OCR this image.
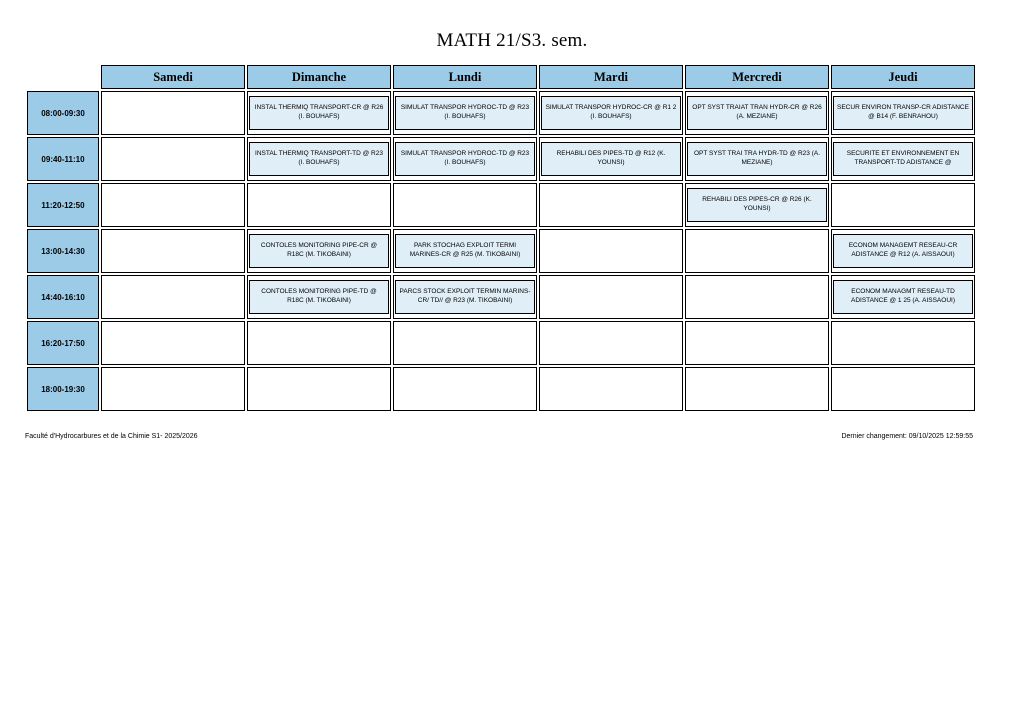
MATH 21/S3. sem.
	Samedi	Dimanche	Lundi	Mardi	Mercredi	Jeudi
08:00-09:30		INSTAL THERMIQ TRANSPORT-CR @ R26 (I. BOUHAFS)	SIMULAT TRANSPOR HYDROC-TD @ R23 (I. BOUHAFS)	SIMULAT TRANSPOR HYDROC-CR @ R1 2 (I. BOUHAFS)	OPT SYST TRAIAT TRAN HYDR-CR @ R26 (A. MEZIANE)	SECUR ENVIRON TRANSP-CR ADISTANCE @ B14 (F. BENRAHOU)

09:40-11:10		INSTAL THERMIQ TRANSPORT-TD @ R23 (I. BOUHAFS)	SIMULAT TRANSPOR HYDROC-TD @ R23 (I. BOUHAFS)	REHABILI DES PIPES-TD @ R12 (K. YOUNSI)	OPT SYST TRAI TRA HYDR-TD @ R23 (A. MEZIANE)	SECURITE ET ENVIRONNEMENT EN TRANSPORT-TD ADISTANCE @

11:20-12:50					REHABILI DES PIPES-CR @ R26 (K. YOUNSI)	

13:00-14:30		CONTOLES MONITORING PIPE-CR @ R18C (M. TIKOBAINI)	PARK STOCHAG EXPLOIT TERMI MARINES-CR @ R25 (M. TIKOBAINI)			ECONOM MANAGEMT RESEAU-CR ADISTANCE @ R12 (A. AISSAOUI)

14:40-16:10		CONTOLES MONITORING PIPE-TD @ R18C (M. TIKOBAINI)	PARCS STOCK EXPLOIT TERMIN MARINS-CR/ TD// @ R23 (M. TIKOBAINI)			ECONOM MANAGMT RESEAU-TD ADISTANCE @ 1 25 (A. AISSAOUI)

16:20-17:50	

18:00-19:30	

Faculté d'Hydrocarbures et de la Chimie S1- 2025/2026	Dernier changement: 09/10/2025 12:59:55
